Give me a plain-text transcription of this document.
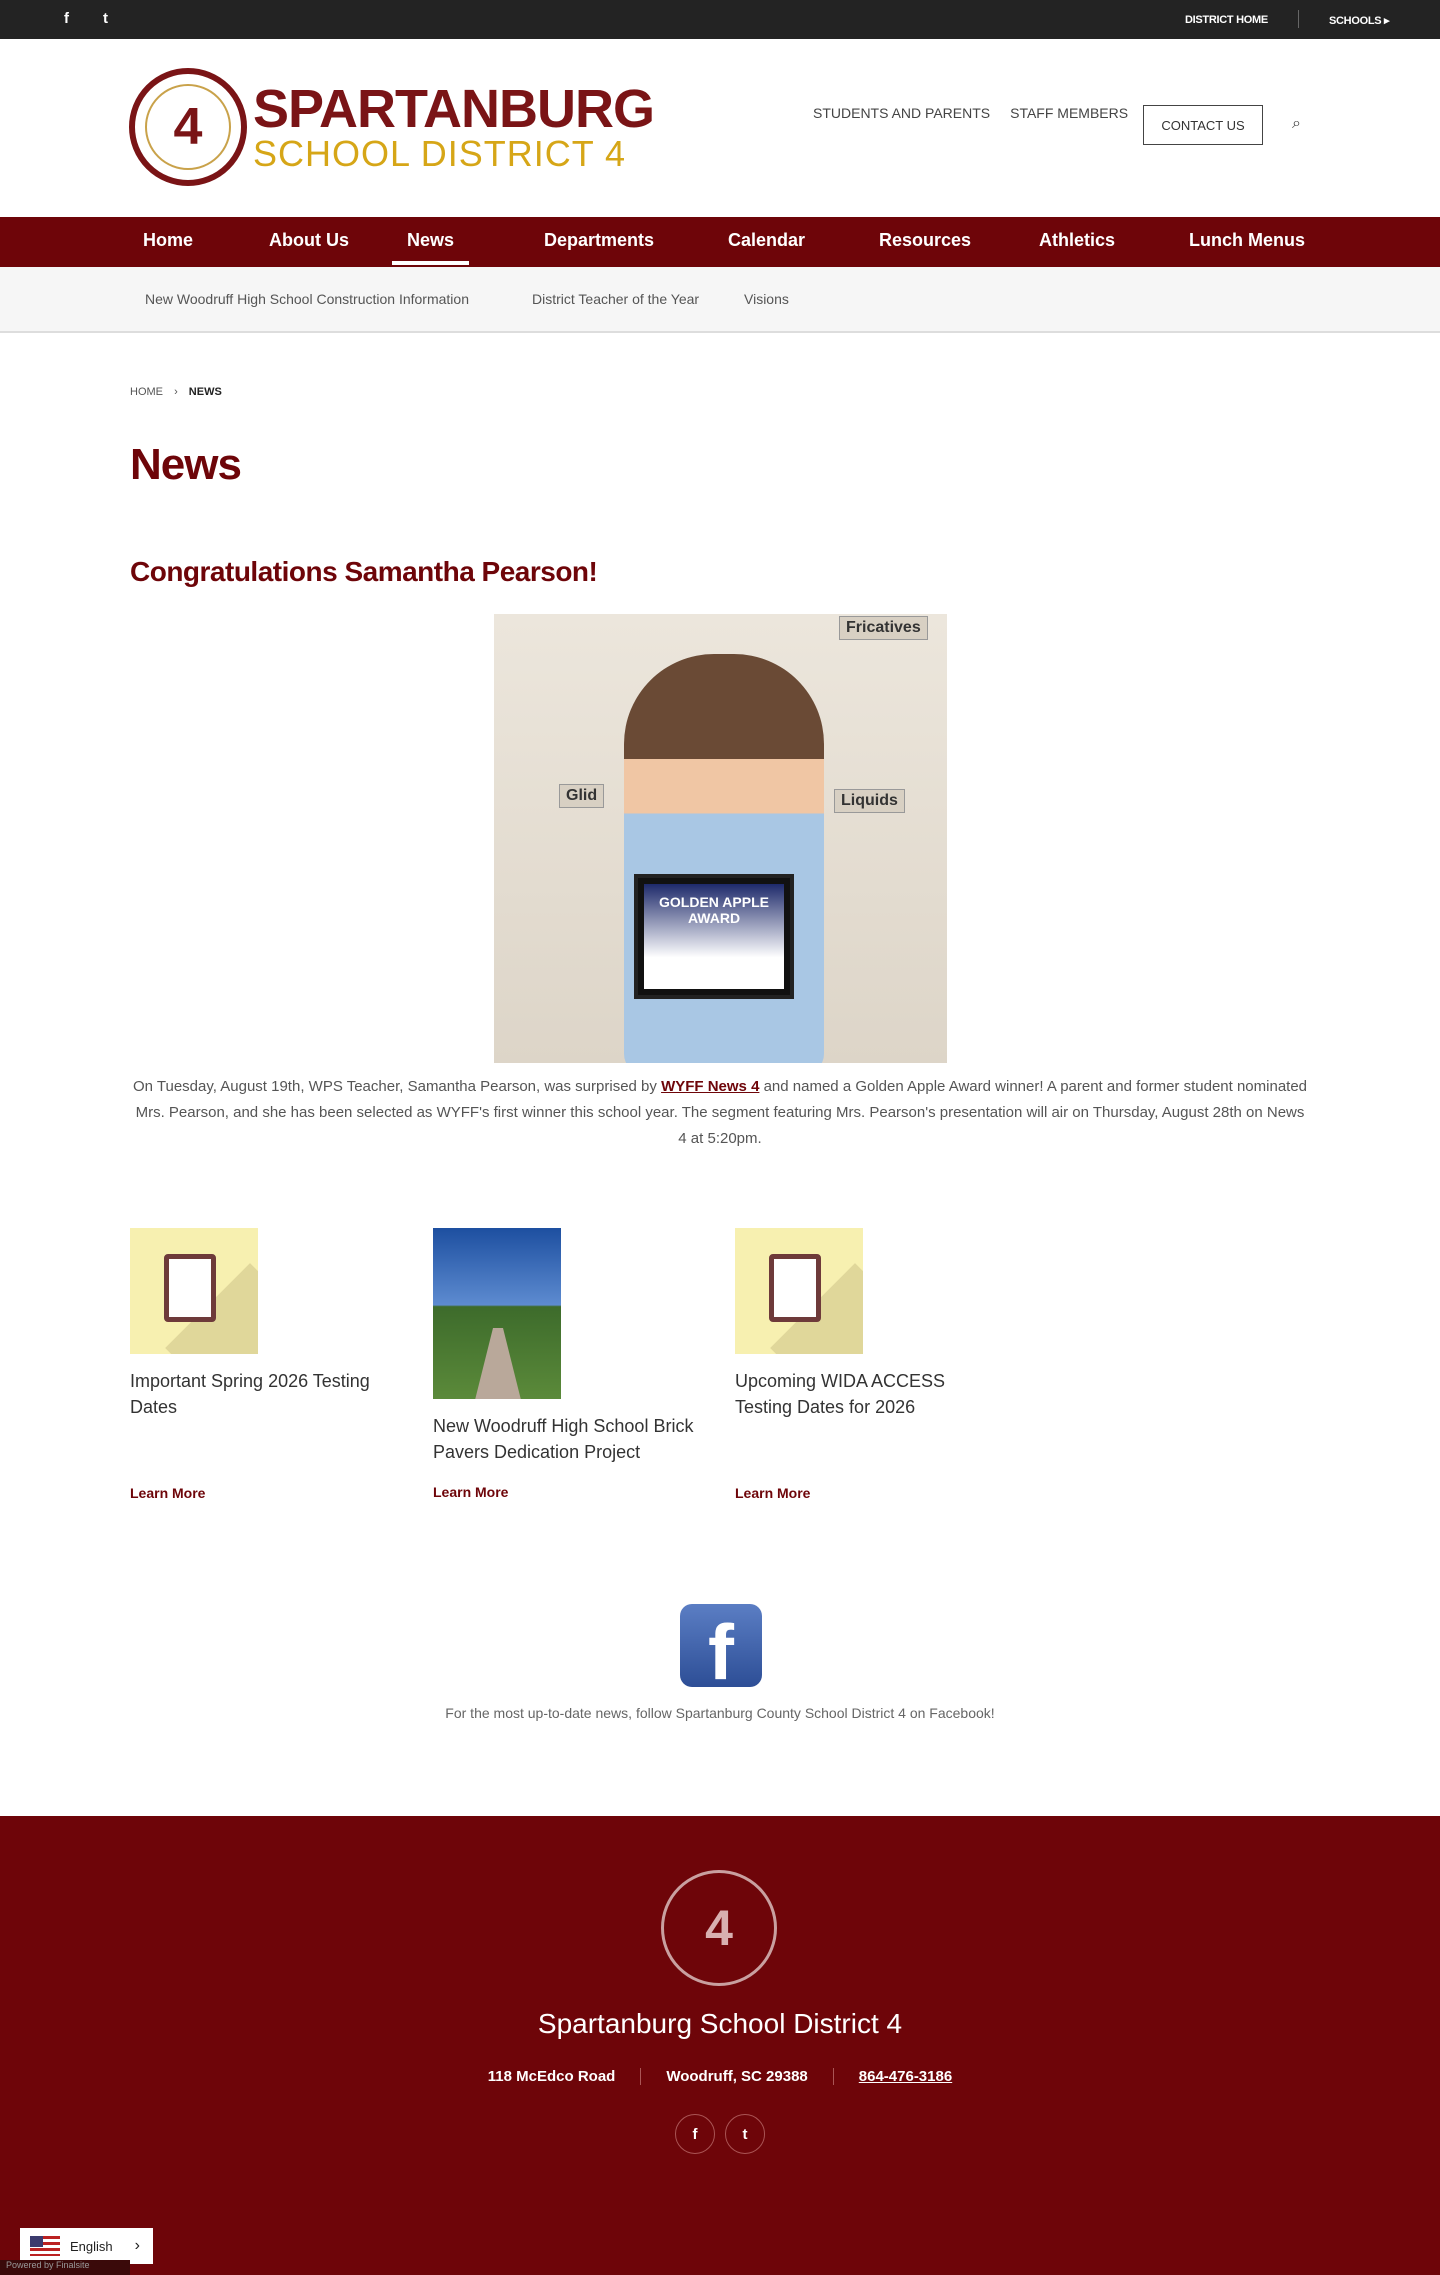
f t	DISTRICT HOME	SCHOOLS ▸
4 SPARTANBURG
SCHOOL DISTRICT 4
STUDENTS AND PARENTS STAFF MEMBERS
CONTACT US	⌕
Home	About Us	News	Departments	Calendar	Resources	Athletics	Lunch Menus
New Woodruff High School Construction Information	District Teacher of the Year	Visions
HOME › NEWS
News
Congratulations Samantha Pearson!
Fricatives
Glid	Liquids
GOLDEN APPLE AWARD

On Tuesday, August 19th, WPS Teacher, Samantha Pearson, was surprised by WYFF News 4 and named a Golden Apple Award winner! A parent and former student nominated Mrs. Pearson, and she has been selected as WYFF's first winner this school year. The segment featuring Mrs. Pearson's presentation will air on Thursday, August 28th on News 4 at 5:20pm.

Important Spring 2026 Testing Dates
Learn More
New Woodruff High School Brick Pavers Dedication Project
Learn More
Upcoming WIDA ACCESS Testing Dates for 2026
Learn More
f

For the most up-to-date news, follow Spartanburg County School District 4 on Facebook!

4
Spartanburg School District 4
118 McEdco Road	Woodruff, SC 29388	864-476-3186
f	t
English ›
Powered by Finalsite
